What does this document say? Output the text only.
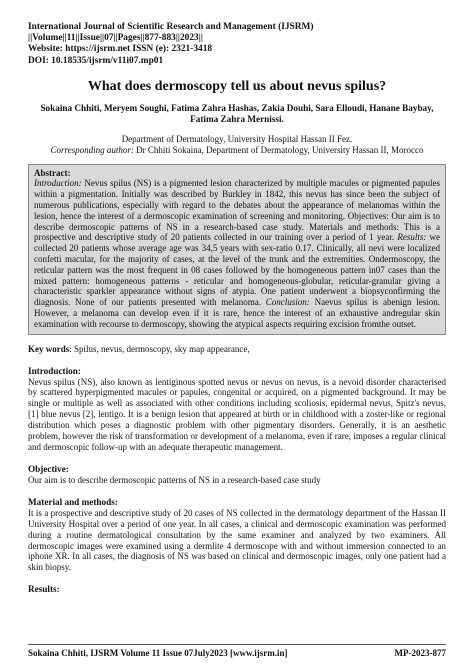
International Journal of Scientific Research and Management (IJSRM)
||Volume||11||Issue||07||Pages||877-883||2023||
Website: https://ijsrm.net ISSN (e): 2321-3418
DOI: 10.18535/ijsrm/v11i07.mp01
What does dermoscopy tell us about nevus spilus?
Sokaina Chhiti, Meryem Soughi, Fatima Zahra Hashas, Zakia Douhi, Sara Elloudi, Hanane Baybay, Fatima Zahra Mernissi.
Department of Dermatology, University Hospital Hassan II Fez.
Corresponding author: Dr Chhiti Sokaina, Department of Dermatology, University Hassan II, Morocco
Abstract:
Introduction: Nevus spilus (NS) is a pigmented lesion characterized by multiple macules or pigmented papules within a pigmentation. Initially was described by Burkley in 1842, this nevus has since been the subject of numerous publications, especially with regard to the debates about the appearance of melanomas within the lesion, hence the interest of a dermoscopic examination of screening and monitoring. Objectives: Our aim is to describe dermoscopic patterns of NS in a research-based case study. Materials and methods: This is a prospective and descriptive study of 20 patients collected in our training over a period of 1 year. Results: we collected 20 patients whose average age was 34,5 years with sex-ratio 0.17. Clinically, all nevi were localized confetti macular, for the majority of cases, at the level of the trunk and the extremities. Ondermoscopy, the reticular pattern was the most frequent in 08 cases followed by the homogeneous pattern in07 cases than the mixed pattern: homogeneous patterns - reticular and homogeneous-globular, reticular-granular giving a characteristic sparkler appearance without signs of atypia. One patient underwent a biopsyconfirming the diagnosis. None of our patients presented with melanoma. Conclusion: Naevus spilus is abenign lesion. However, a melanoma can develop even if it is rare, hence the interest of an exhaustive andregular skin examination with recourse to dermoscopy, showing the atypical aspects requiring excision fromthe outset.
Key words: Spilus, nevus, dermoscopy, sky map appearance,
Introduction:
Nevus spilus (NS), also known as lentiginous spotted nevus or nevus on nevus, is a nevoid disorder characterised by scattered hyperpigmented macules or papules, congenital or acquired, on a pigmented background. It may be single or multiple as well as associated with other conditions including scoliosis, epidermal nevus, Spitz's nevus, [1] blue nevus [2], lentigo. It is a benign lesion that appeared at birth or in childhood with a zoster-like or regional distribution which poses a diagnostic problem with other pigmentary disorders. Generally, it is an aesthetic problem, however the risk of transformation or development of a melanoma, even if rare, imposes a regular clinical and dermoscopic follow-up with an adequate therapeutic management.
Objective:
Our aim is to describe dermoscopic patterns of NS in a research-based case study
Material and methods:
It is a prospective and descriptive study of 20 cases of NS collected in the dermatology department of the Hassan II University Hospital over a period of one year. In all cases, a clinical and dermoscopic examination was performed during a routine dermatological consultation by the same examiner and analyzed by two examiners. All dermoscopic images were examined using a dermlite 4 dermoscope with and without immersion connected to an iphone XR. In all cases, the diagnosis of NS was based on clinical and dermoscopic images, only one patient had a skin biopsy.
Results:
Sokaina Chhiti, IJSRM Volume 11 Issue 07July2023 [www.ijsrm.in]	MP-2023-877
